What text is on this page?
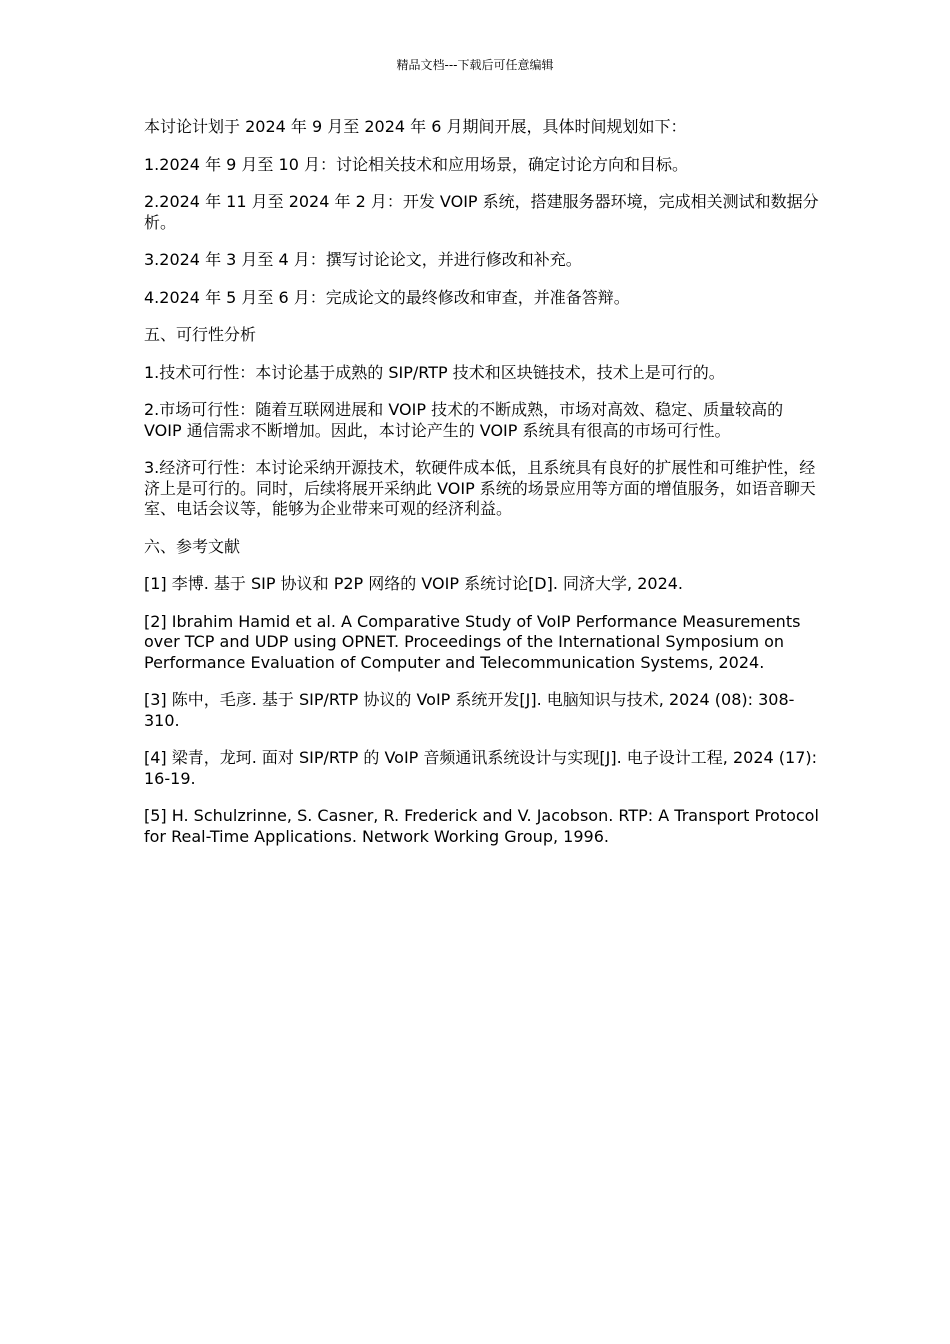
精品文档---下载后可任意编辑

本讨论计划于 2024 年 9 月至 2024 年 6 月期间开展，具体时间规划如下：

1.2024 年 9 月至 10 月：讨论相关技术和应用场景，确定讨论方向和目标。

2.2024 年 11 月至 2024 年 2 月：开发 VOIP 系统，搭建服务器环境，完成相关测试和数据分析。

3.2024 年 3 月至 4 月：撰写讨论论文，并进行修改和补充。

4.2024 年 5 月至 6 月：完成论文的最终修改和审查，并准备答辩。

五、可行性分析

1.技术可行性：本讨论基于成熟的 SIP/RTP 技术和区块链技术，技术上是可行的。

2.市场可行性：随着互联网进展和 VOIP 技术的不断成熟，市场对高效、稳定、质量较高的 VOIP 通信需求不断增加。因此，本讨论产生的 VOIP 系统具有很高的市场可行性。

3.经济可行性：本讨论采纳开源技术，软硬件成本低，且系统具有良好的扩展性和可维护性，经济上是可行的。同时，后续将展开采纳此 VOIP 系统的场景应用等方面的增值服务，如语音聊天室、电话会议等，能够为企业带来可观的经济利益。

六、参考文献

[1] 李博. 基于 SIP 协议和 P2P 网络的 VOIP 系统讨论[D]. 同济大学, 2024.

[2] Ibrahim Hamid et al. A Comparative Study of VoIP Performance Measurements over TCP and UDP using OPNET. Proceedings of the International Symposium on Performance Evaluation of Computer and Telecommunication Systems, 2024.

[3] 陈中，毛彦. 基于 SIP/RTP 协议的 VoIP 系统开发[J]. 电脑知识与技术, 2024 (08): 308-310.

[4] 梁青，龙珂. 面对 SIP/RTP 的 VoIP 音频通讯系统设计与实现[J]. 电子设计工程, 2024 (17): 16-19.

[5] H. Schulzrinne, S. Casner, R. Frederick and V. Jacobson. RTP: A Transport Protocol for Real-Time Applications. Network Working Group, 1996.
